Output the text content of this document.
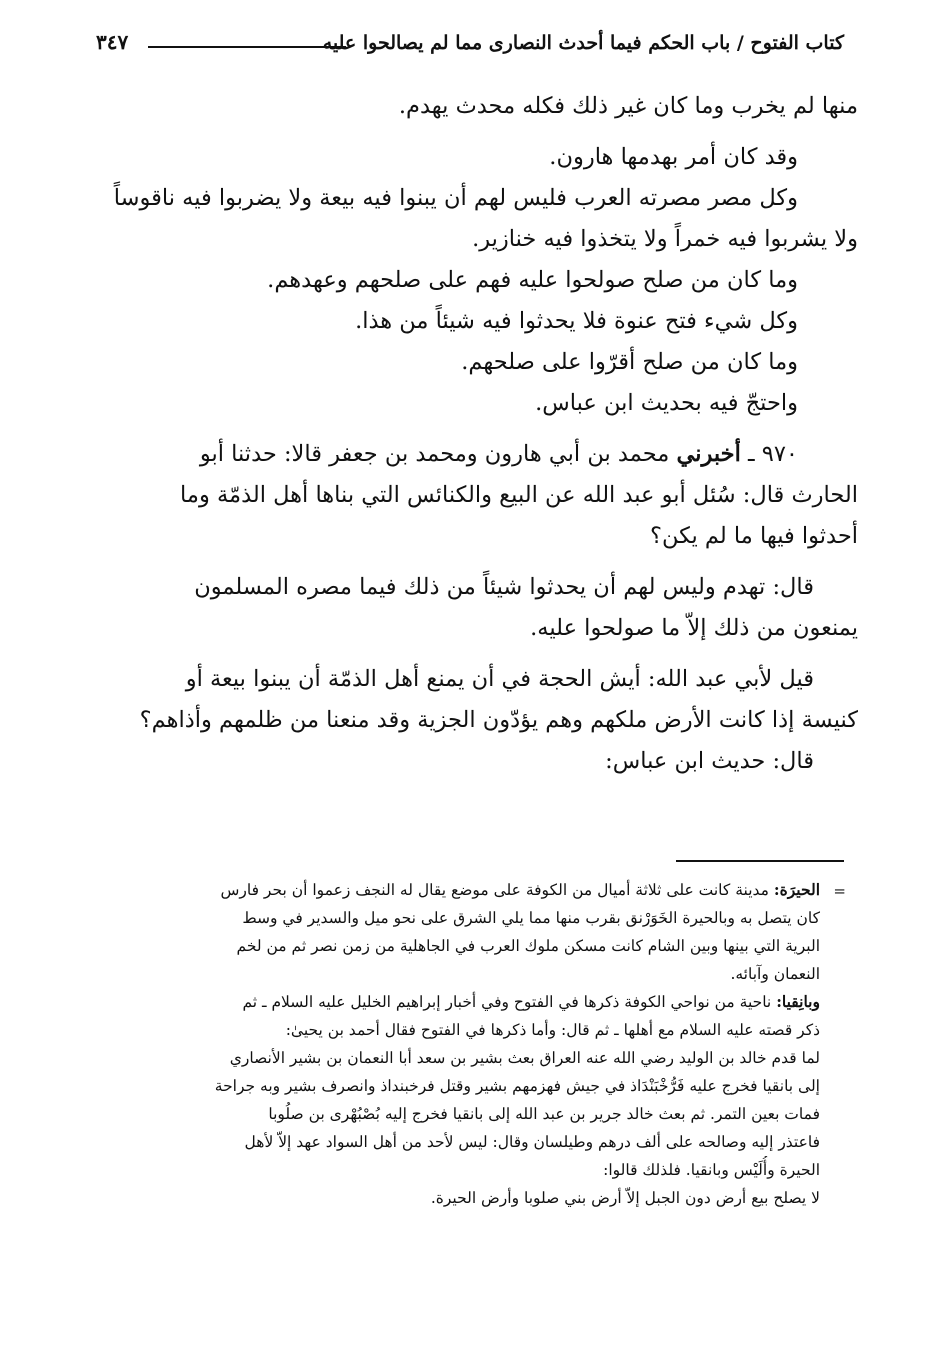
كتاب الفتوح / باب الحكم فيما أحدث النصارى مما لم يصالحوا عليه
٣٤٧
منها لم يخرب وما كان غير ذلك فكله محدث يهدم.
وقد كان أمر بهدمها هارون.
وكل مصر مصرته العرب فليس لهم أن يبنوا فيه بيعة ولا يضربوا فيه ناقوساً
ولا يشربوا فيه خمراً ولا يتخذوا فيه خنازير.
وما كان من صلح صولحوا عليه فهم على صلحهم وعهدهم.
وكل شيء فتح عنوة فلا يحدثوا فيه شيئاً من هذا.
وما كان من صلح أقرّوا على صلحهم.
واحتجّ فيه بحديث ابن عباس.
٩٧٠ ـ أخبرني محمد بن أبي هارون ومحمد بن جعفر قالا: حدثنا أبو
الحارث قال: سُئل أبو عبد الله عن البيع والكنائس التي بناها أهل الذمّة وما
أحدثوا فيها ما لم يكن؟
قال: تهدم وليس لهم أن يحدثوا شيئاً من ذلك فيما مصره المسلمون
يمنعون من ذلك إلاّ ما صولحوا عليه.
قيل لأبي عبد الله: أيش الحجة في أن يمنع أهل الذمّة أن يبنوا بيعة أو
كنيسة إذا كانت الأرض ملكهم وهم يؤدّون الجزية وقد منعنا من ظلمهم وأذاهم؟
قال: حديث ابن عباس:
=
الحيرَة: مدينة كانت على ثلاثة أميال من الكوفة على موضع يقال له النجف زعموا أن بحر فارس
كان يتصل به وبالحيرة الخَوَرْنق بقرب منها مما يلي الشرق على نحو ميل والسدير في وسط
البرية التي بينها وبين الشام كانت مسكن ملوك العرب في الجاهلية من زمن نصر ثم من لخم
النعمان وآبائه.
وبانِقيا: ناحية من نواحي الكوفة ذكرها في الفتوح وفي أخبار إبراهيم الخليل عليه السلام ـ ثم
ذكر قصته عليه السلام مع أهلها ـ ثم قال: وأما ذكرها في الفتوح فقال أحمد بن يحيىٰ:
لما قدم خالد بن الوليد رضي الله عنه العراق بعث بشير بن سعد أبا النعمان بن بشير الأنصاري
إلى بانقيا فخرج عليه فَرُّخْبَنْدَاذ في جيش فهزمهم بشير وقتل فرخبنداذ وانصرف بشير وبه جراحة
فمات بعين التمر. ثم بعث خالد جرير بن عبد الله إلى بانقيا فخرج إليه بُصْبُهْرى بن صلُوبا
فاعتذر إليه وصالحه على ألف درهم وطيلسان وقال: ليس لأحد من أهل السواد عهد إلاّ لأهل
الحيرة وأُلَيْس وبانقيا. فلذلك قالوا:
لا يصلح بيع أرض دون الجبل إلاّ أرض بني صلوبا وأرض الحيرة.
